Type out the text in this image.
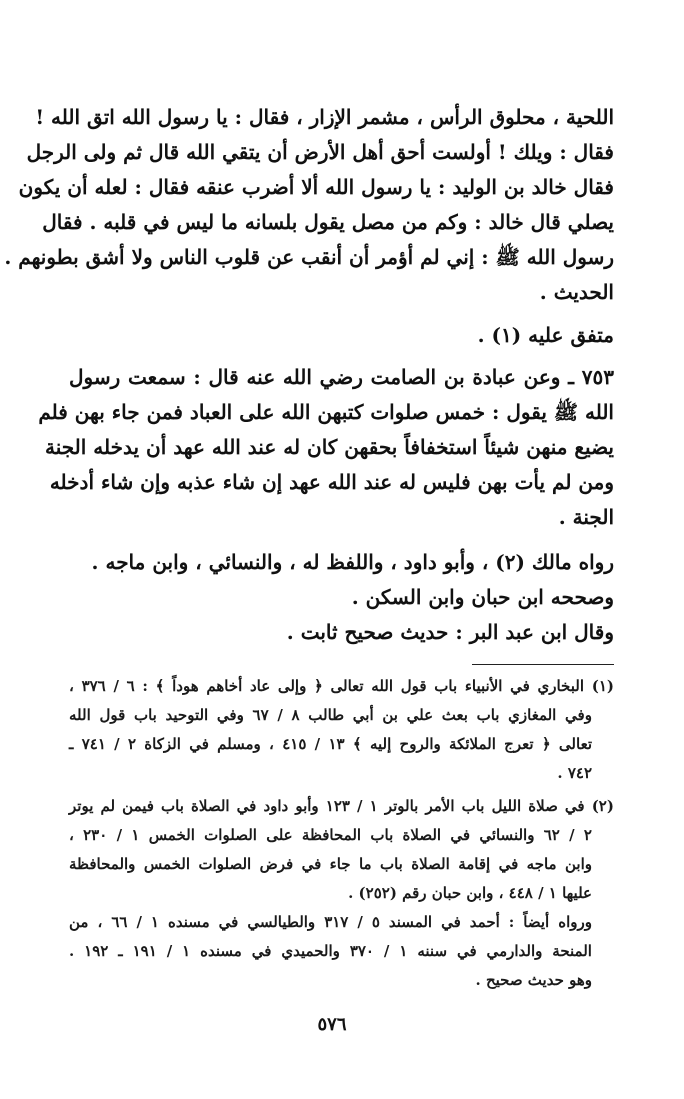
اللحية ، محلوق الرأس ، مشمر الإزار ، فقال : يا رسول الله اتق الله !
فقال : ويلك ! أولست أحق أهل الأرض أن يتقي الله قال ثم ولى الرجل
فقال خالد بن الوليد : يا رسول الله ألا أضرب عنقه فقال : لعله أن يكون
يصلي قال خالد : وكم من مصل يقول بلسانه ما ليس في قلبه . فقال
رسول الله ﷺ : إني لم أؤمر أن أنقب عن قلوب الناس ولا أشق بطونهم .
الحديث .
متفق عليه (١) .
٧٥٣ ـ وعن عبادة بن الصامت رضي الله عنه قال : سمعت رسول
الله ﷺ يقول : خمس صلوات كتبهن الله على العباد فمن جاء بهن فلم
يضيع منهن شيئاً استخفافاً بحقهن كان له عند الله عهد أن يدخله الجنة
ومن لم يأت بهن فليس له عند الله عهد إن شاء عذبه وإن شاء أدخله
الجنة .
رواه مالك (٢) ، وأبو داود ، واللفظ له ، والنسائي ، وابن ماجه .
وصححه ابن حبان وابن السكن .
وقال ابن عبد البر : حديث صحيح ثابت .
(١) البخاري في الأنبياء باب قول الله تعالى ﴿ وإلى عاد أخاهم هوداً ﴾ : ٦ / ٣٧٦ ،
وفي المغازي باب بعث علي بن أبي طالب ٨ / ٦٧ وفي التوحيد باب قول الله
تعالى ﴿ تعرج الملائكة والروح إليه ﴾ ١٣ / ٤١٥ ، ومسلم في الزكاة ٢ / ٧٤١ ـ
٧٤٢ .
(٢) في صلاة الليل باب الأمر بالوتر ١ / ١٢٣ وأبو داود في الصلاة باب فيمن لم يوتر
٢ / ٦٢ والنسائي في الصلاة باب المحافظة على الصلوات الخمس ١ / ٢٣٠ ،
وابن ماجه في إقامة الصلاة باب ما جاء في فرض الصلوات الخمس والمحافظة
عليها ١ / ٤٤٨ ، وابن حبان رقم (٢٥٢) .
ورواه أيضاً : أحمد في المسند ٥ / ٣١٧ والطيالسي في مسنده ١ / ٦٦ ، من
المنحة والدارمي في سننه ١ / ٣٧٠ والحميدي في مسنده ١ / ١٩١ ـ ١٩٢ .
وهو حديث صحيح .
٥٧٦
